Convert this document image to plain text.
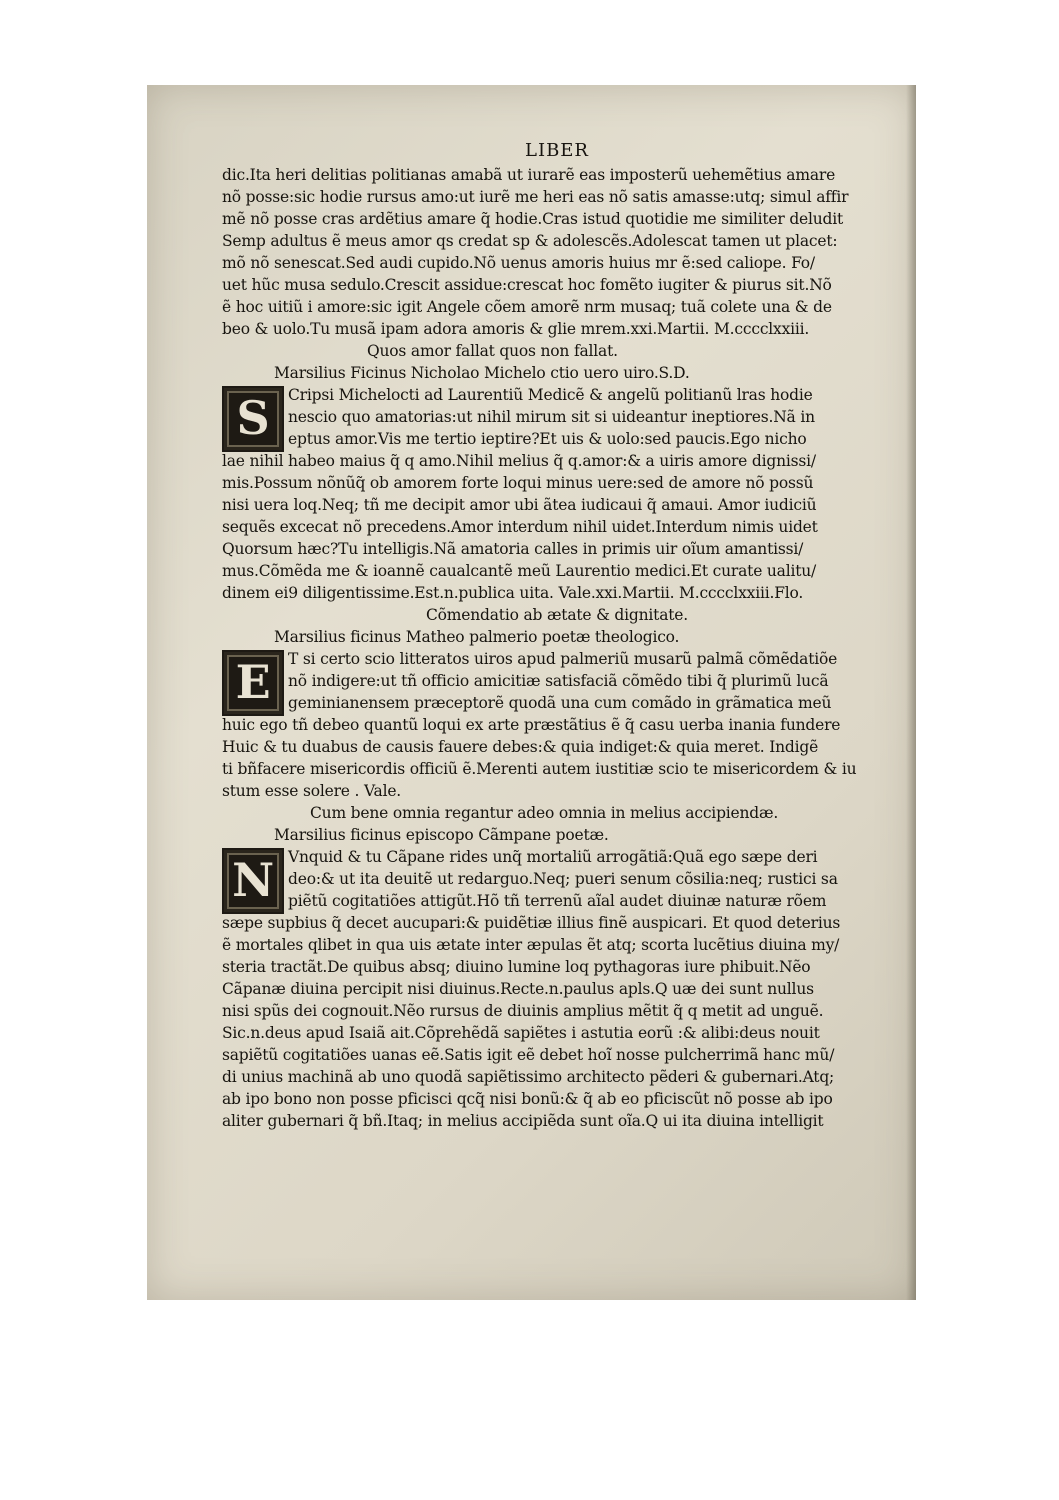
LIBER
dic.Ita heri delitias politianas amabã ut iurarẽ eas imposterũ uehemẽtius amare
nõ posse:sic hodie rursus amo:ut iurẽ me heri eas nõ satis amasse:utq; simul affir
mẽ nõ posse cras ardẽtius amare q̃ hodie.Cras istud quotidie me similiter deludit
Semp adultus ẽ meus amor qs credat sp & adolescẽs.Adolescat tamen ut placet:
mõ nõ senescat.Sed audi cupido.Nõ uenus amoris huius mr ẽ:sed caliope. Fo/
uet hũc musa sedulo.Crescit assidue:crescat hoc fomẽto iugiter & piurus sit.Nõ
ẽ hoc uitiũ i amore:sic igit Angele cõem amorẽ nrm musaq; tuã colete una & de
beo & uolo.Tu musã ipam adora amoris & glie mrem.xxi.Martii. M.cccclxxiii.
Quos amor fallat quos non fallat.
Marsilius Ficinus Nicholao Michelo ctio uero uiro.S.D.
S	Cripsi Michelocti ad Laurentiũ Medicẽ & angelũ politianũ lras hodie
nescio quo amatorias:ut nihil mirum sit si uideantur ineptiores.Nã in
eptus amor.Vis me tertio ieptire?Et uis & uolo:sed paucis.Ego nicho
lae nihil habeo maius q̃ q amo.Nihil melius q̃ q.amor:& a uiris amore dignissi/
mis.Possum nõnũq̃ ob amorem forte loqui minus uere:sed de amore nõ possũ
nisi uera loq.Neq; tñ me decipit amor ubi ãtea iudicaui q̃ amaui. Amor iudiciũ
sequẽs excecat nõ precedens.Amor interdum nihil uidet.Interdum nimis uidet
Quorsum hæc?Tu intelligis.Nã amatoria calles in primis uir oĩum amantissi/
mus.Cõmẽda me & ioannẽ caualcantẽ meũ Laurentio medici.Et curate ualitu/
dinem ei9 diligentissime.Est.n.publica uita. Vale.xxi.Martii. M.cccclxxiii.Flo.
Cõmendatio ab ætate & dignitate.
Marsilius ficinus Matheo palmerio poetæ theologico.
E	T si certo scio litteratos uiros apud palmeriũ musarũ palmã cõmẽdatiõe
nõ indigere:ut tñ officio amicitiæ satisfaciã cõmẽdo tibi q̃ plurimũ lucã
geminianensem præceptorẽ quodã una cum comãdo in grãmatica meũ
huic ego tñ debeo quantũ loqui ex arte præstãtius ẽ q̃ casu uerba inania fundere
Huic & tu duabus de causis fauere debes:& quia indiget:& quia meret. Indigẽ
ti bñfacere misericordis officiũ ẽ.Merenti autem iustitiæ scio te misericordem & iu
stum esse solere . Vale.
Cum bene omnia regantur adeo omnia in melius accipiendæ.
Marsilius ficinus episcopo Cãmpane poetæ.
N Vnquid & tu Cãpane rides unq̃ mortaliũ arrogãtiã:Quã ego sæpe deri
deo:& ut ita deuitẽ ut redarguo.Neq; pueri senum cõsilia:neq; rustici sa
piẽtũ cogitatiões attigũt.Hõ tñ terrenũ aĩal audet diuinæ naturæ rõem
sæpe supbius q̃ decet aucupari:& puidẽtiæ illius finẽ auspicari. Et quod deterius
ẽ mortales qlibet in qua uis ætate inter æpulas ẽt atq; scorta lucẽtius diuina my/
steria tractãt.De quibus absq; diuino lumine loq pythagoras iure phibuit.Nẽo
Cãpanæ diuina percipit nisi diuinus.Recte.n.paulus apls.Q uæ dei sunt nullus
nisi spũs dei cognouit.Nẽo rursus de diuinis amplius mẽtit q̃ q metit ad unguẽ.
Sic.n.deus apud Isaiã ait.Cõprehẽdã sapiẽtes i astutia eorũ :& alibi:deus nouit
sapiẽtũ cogitatiões uanas eẽ.Satis igit eẽ debet hoĩ nosse pulcherrimã hanc mũ/
di unius machinã ab uno quodã sapiẽtissimo architecto pẽderi & gubernari.Atq;
ab ipo bono non posse pficisci qcq̃ nisi bonũ:& q̃ ab eo pficiscũt nõ posse ab ipo
aliter gubernari q̃ bñ.Itaq; in melius accipiẽda sunt oĩa.Q ui ita diuina intelligit
